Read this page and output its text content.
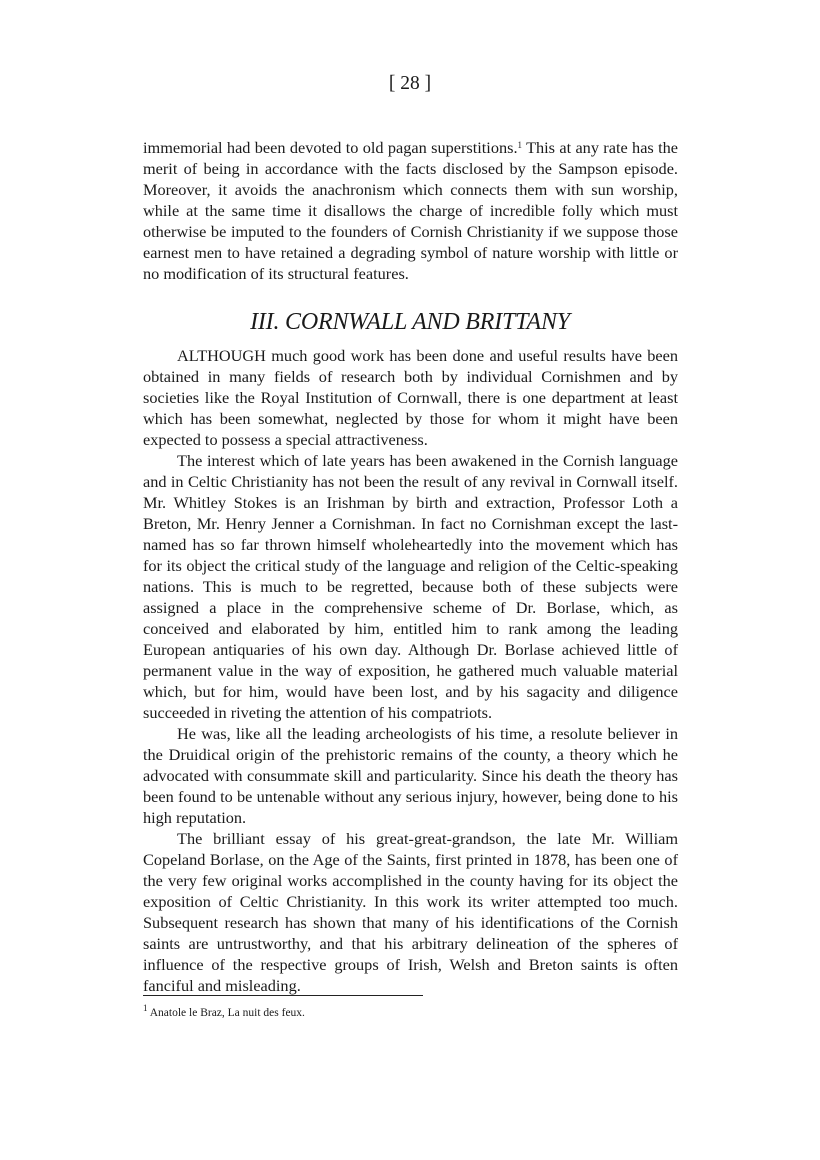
[ 28 ]

immemorial had been devoted to old pagan superstitions.$^1$ This at any rate has the merit of being in accordance with the facts disclosed by the Sampson episode. Moreover, it avoids the anachronism which connects them with sun worship, while at the same time it disallows the charge of incredible folly which must otherwise be imputed to the founders of Cornish Christianity if we suppose those earnest men to have retained a degrading symbol of nature worship with little or no modification of its structural features.

III. CORNWALL AND BRITTANY

ALTHOUGH much good work has been done and useful results have been obtained in many fields of research both by individual Cornishmen and by societies like the Royal Institution of Cornwall, there is one department at least which has been somewhat, neglected by those for whom it might have been expected to possess a special attractiveness.

The interest which of late years has been awakened in the Cornish language and in Celtic Christianity has not been the result of any revival in Cornwall itself. Mr. Whitley Stokes is an Irishman by birth and extraction, Professor Loth a Breton, Mr. Henry Jenner a Cornishman. In fact no Cornishman except the last-named has so far thrown himself wholeheartedly into the movement which has for its object the critical study of the language and religion of the Celtic-speaking nations. This is much to be regretted, because both of these subjects were assigned a place in the comprehensive scheme of Dr. Borlase, which, as conceived and elaborated by him, entitled him to rank among the leading European antiquaries of his own day. Although Dr. Borlase achieved little of permanent value in the way of exposition, he gathered much valuable material which, but for him, would have been lost, and by his sagacity and diligence succeeded in riveting the attention of his compatriots.

He was, like all the leading archeologists of his time, a resolute believer in the Druidical origin of the prehistoric remains of the county, a theory which he advocated with consummate skill and particularity. Since his death the theory has been found to be untenable without any serious injury, however, being done to his high reputation.

The brilliant essay of his great-great-grandson, the late Mr. William Copeland Borlase, on the Age of the Saints, first printed in 1878, has been one of the very few original works accomplished in the county having for its object the exposition of Celtic Christianity. In this work its writer attempted too much. Subsequent research has shown that many of his identifications of the Cornish saints are untrustworthy, and that his arbitrary delineation of the spheres of influence of the respective groups of Irish, Welsh and Breton saints is often fanciful and misleading.

$^1$ Anatole le Braz, La nuit des feux.
